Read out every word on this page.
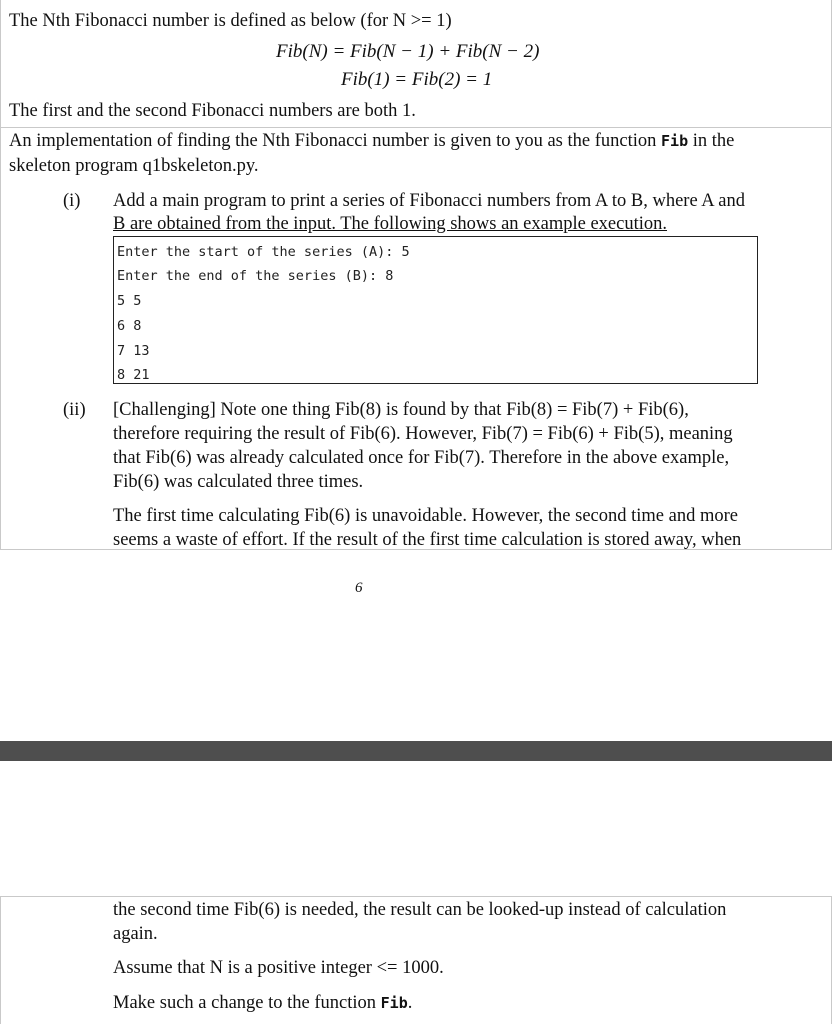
The Nth Fibonacci number is defined as below (for N >= 1)
Fib(N) = Fib(N − 1) + Fib(N − 2)
Fib(1) = Fib(2) = 1
The first and the second Fibonacci numbers are both 1.
An implementation of finding the Nth Fibonacci number is given to you as the function Fib in the
skeleton program q1bskeleton.py.
(i) Add a main program to print a series of Fibonacci numbers from A to B, where A and
B are obtained from the input. The following shows an example execution.
Enter the start of the series (A): 5
Enter the end of the series (B): 8
5 5
6 8
7 13
8 21
(ii) [Challenging] Note one thing Fib(8) is found by that Fib(8) = Fib(7) + Fib(6),
therefore requiring the result of Fib(6). However, Fib(7) = Fib(6) + Fib(5), meaning
that Fib(6) was already calculated once for Fib(7). Therefore in the above example,
Fib(6) was calculated three times.
The first time calculating Fib(6) is unavoidable. However, the second time and more
seems a waste of effort. If the result of the first time calculation is stored away, when
6
the second time Fib(6) is needed, the result can be looked-up instead of calculation
again.
Assume that N is a positive integer <= 1000.
Make such a change to the function Fib.
